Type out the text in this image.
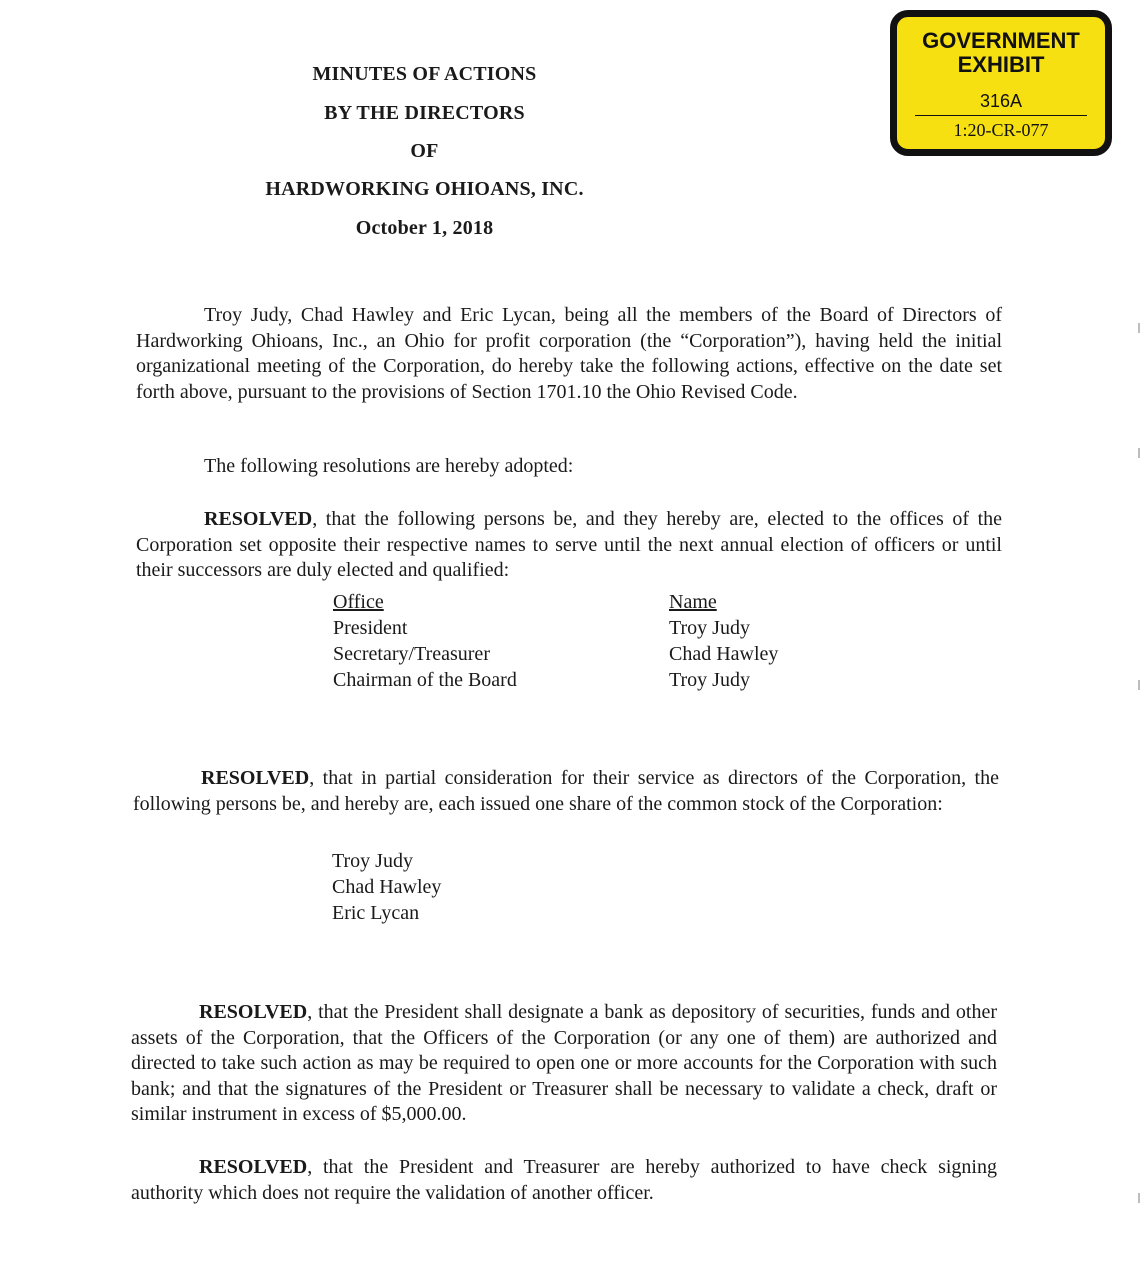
GOVERNMENT
EXHIBIT
316A
1:20-CR-077
MINUTES OF ACTIONS
BY THE DIRECTORS
OF
HARDWORKING OHIOANS, INC.
October 1, 2018

Troy Judy, Chad Hawley and Eric Lycan, being all the members of the Board of Directors of Hardworking Ohioans, Inc., an Ohio for profit corporation (the “Corporation”), having held the initial organizational meeting of the Corporation, do hereby take the following actions, effective on the date set forth above, pursuant to the provisions of Section 1701.10 the Ohio Revised Code.

The following resolutions are hereby adopted:

RESOLVED, that the following persons be, and they hereby are, elected to the offices of the Corporation set opposite their respective names to serve until the next annual election of officers or until their successors are duly elected and qualified:

Office	Name
President	Troy Judy
Secretary/Treasurer	Chad Hawley
Chairman of the Board	Troy Judy

RESOLVED, that in partial consideration for their service as directors of the Corporation, the following persons be, and hereby are, each issued one share of the common stock of the Corporation:

Troy Judy
Chad Hawley
Eric Lycan

RESOLVED, that the President shall designate a bank as depository of securities, funds and other assets of the Corporation, that the Officers of the Corporation (or any one of them) are authorized and directed to take such action as may be required to open one or more accounts for the Corporation with such bank; and that the signatures of the President or Treasurer shall be necessary to validate a check, draft or similar instrument in excess of $5,000.00.

RESOLVED, that the President and Treasurer are hereby authorized to have check signing authority which does not require the validation of another officer.
